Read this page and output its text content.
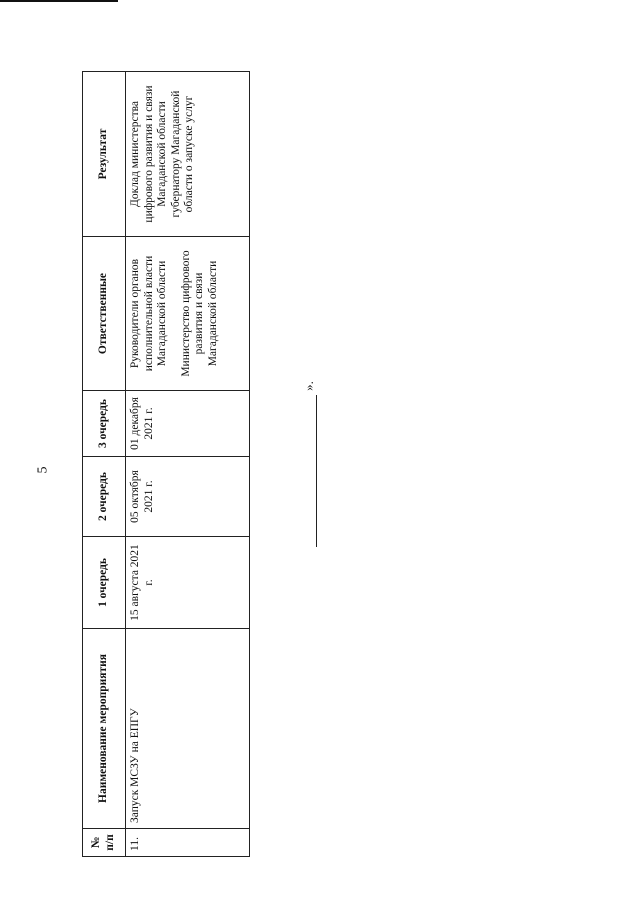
5
№ п/п	Наименование мероприятия	1 очередь	2 очередь	3 очередь	Ответственные	Результат
11.	Запуск МСЗУ на ЕПГУ	15 августа 2021 г.	05 октября 2021 г.	01 декабря 2021 г.	Руководители органов исполнительной власти Магаданской области Министерство цифрового развития и связи Магаданской области	Доклад министерства цифрового развития и связи Магаданской области губернатору Магаданской области о запуске услуг
».
